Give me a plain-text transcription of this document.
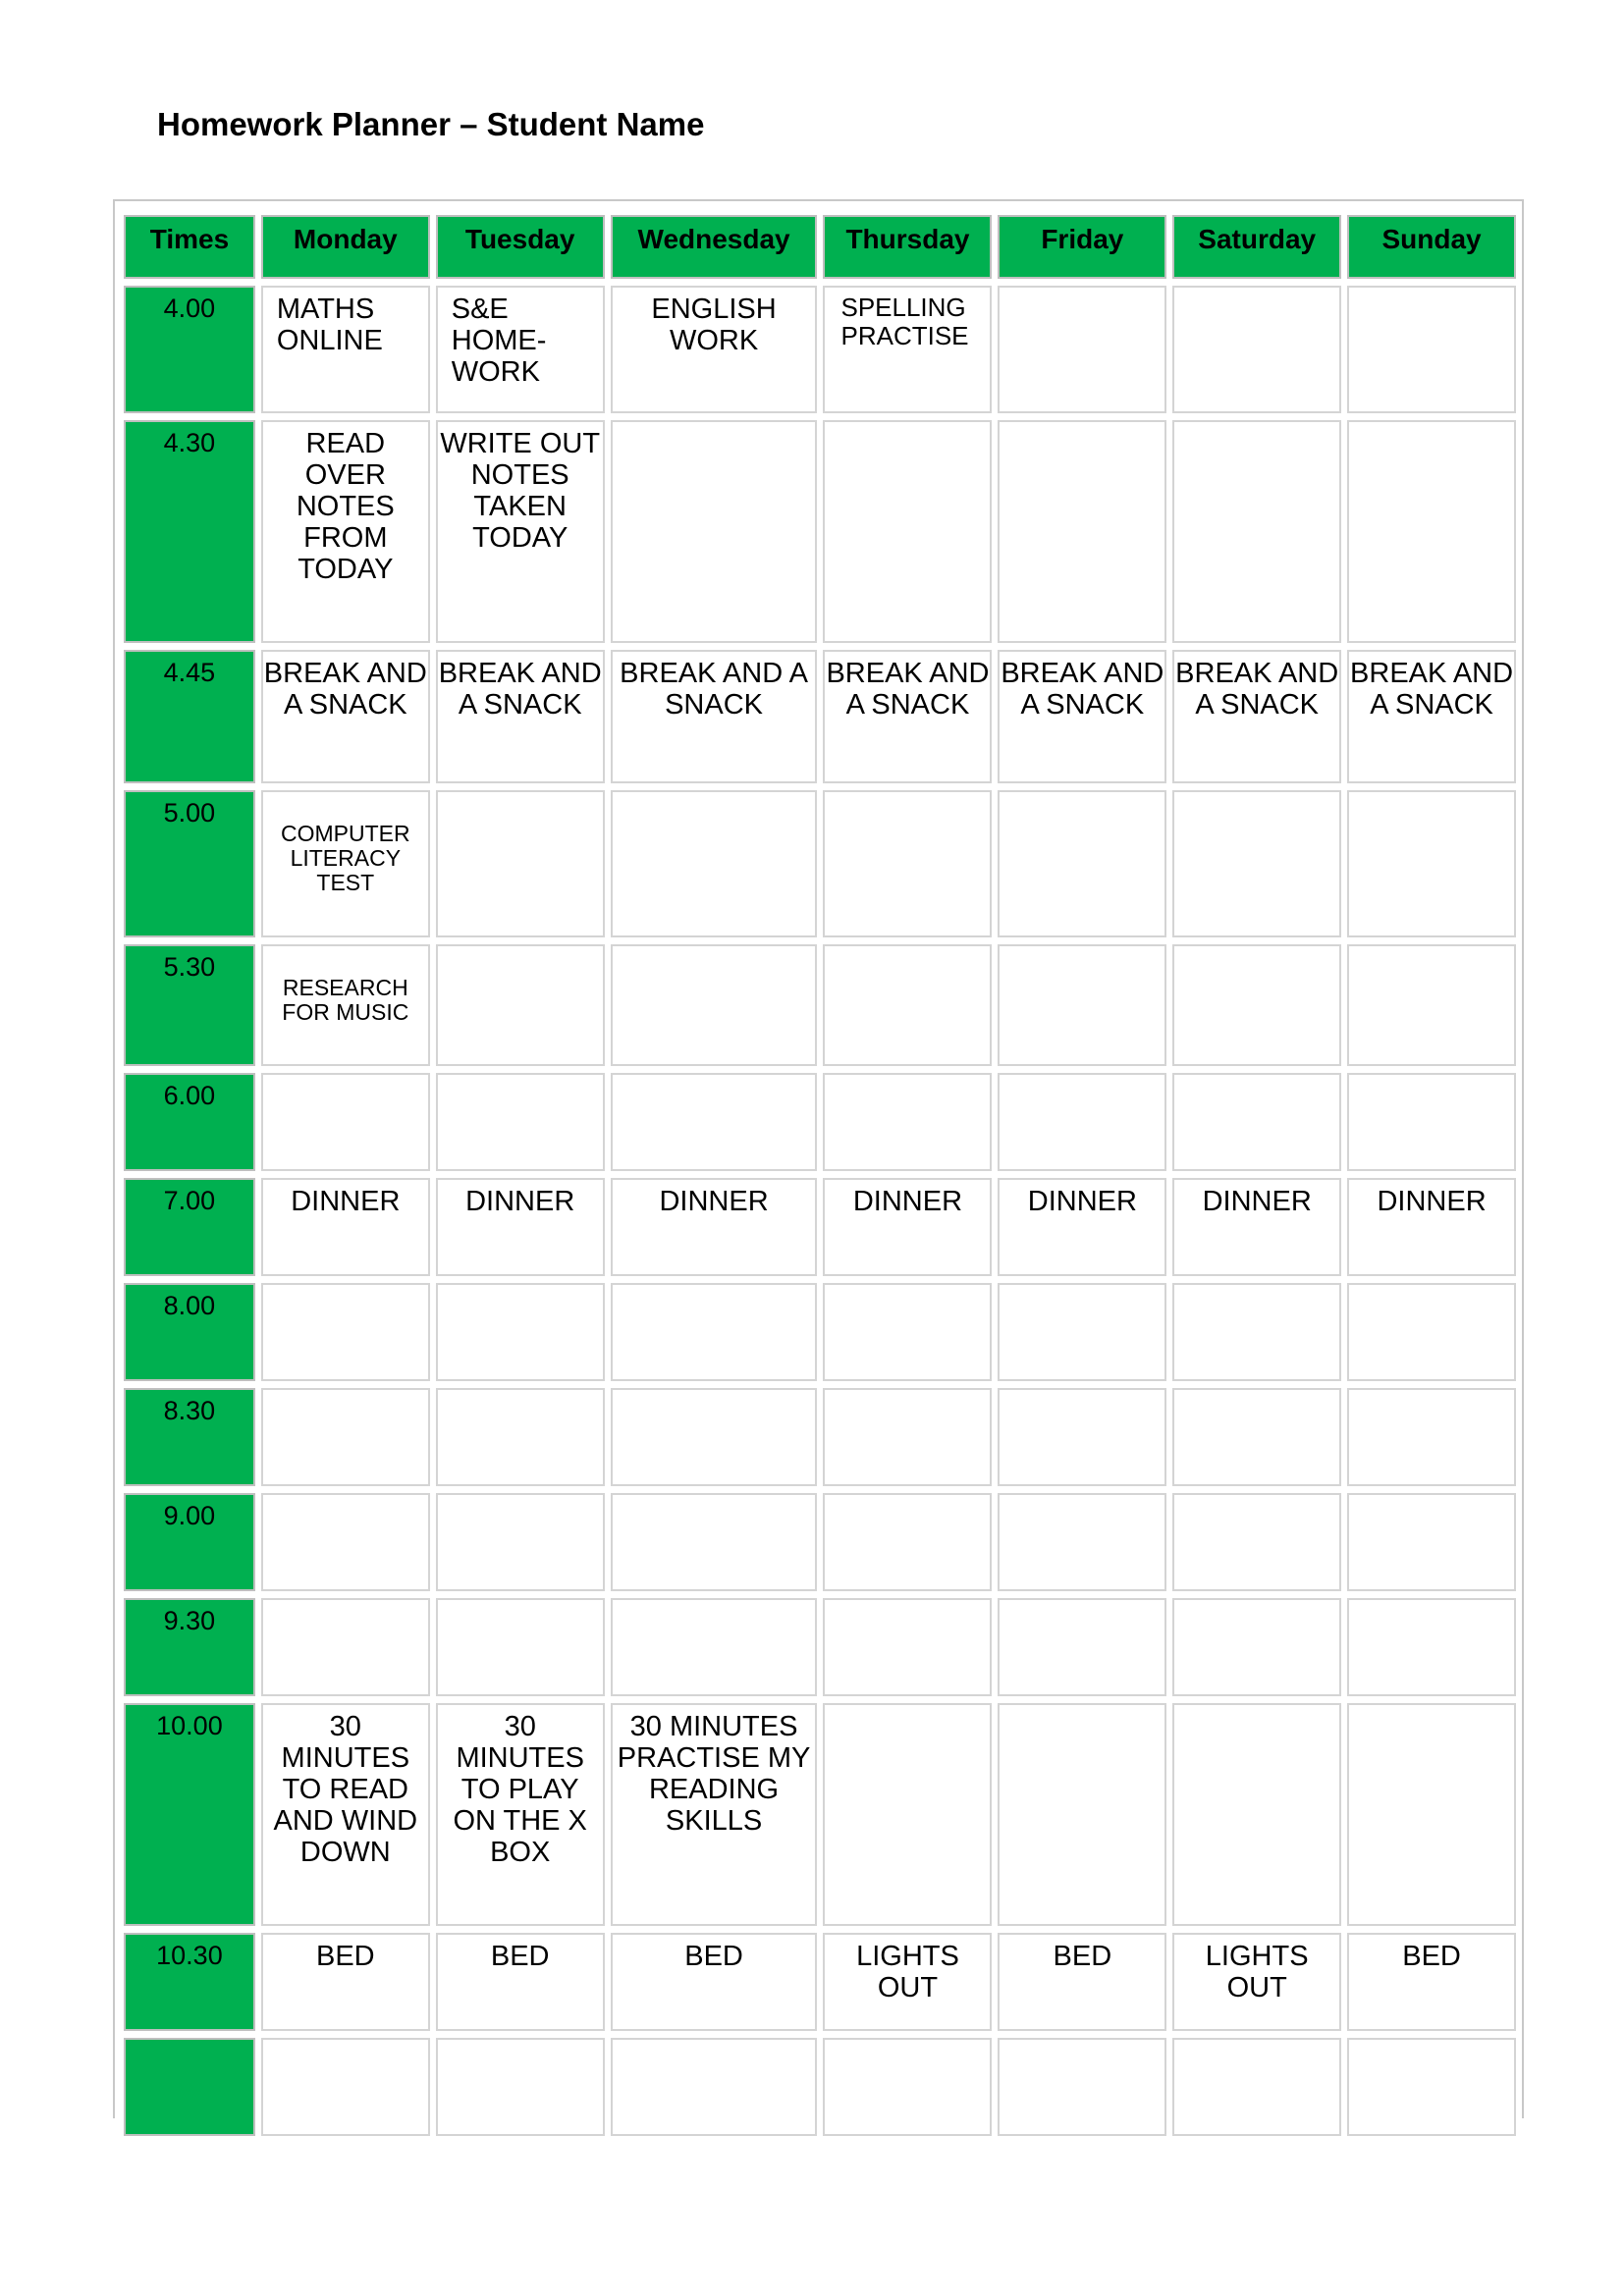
Homework Planner – Student Name
Times	Monday	Tuesday	Wednesday	Thursday	Friday	Saturday	Sunday
4.00	MATHS ONLINE	S&E HOME-WORK	ENGLISH WORK	SPELLING PRACTISE			
4.30	READ OVER NOTES FROM TODAY	WRITE OUT NOTES TAKEN TODAY					
4.45	BREAK AND A SNACK	BREAK AND A SNACK	BREAK AND A SNACK	BREAK AND A SNACK	BREAK AND A SNACK	BREAK AND A SNACK	BREAK AND A SNACK
5.00	COMPUTER LITERACY TEST						
5.30	RESEARCH FOR MUSIC						
6.00							
7.00	DINNER	DINNER	DINNER	DINNER	DINNER	DINNER	DINNER
8.00							
8.30							
9.00							
9.30							
10.00	30 MINUTES TO READ AND WIND DOWN	30 MINUTES TO PLAY ON THE X BOX	30 MINUTES PRACTISE MY READING SKILLS				
10.30	BED	BED	BED	LIGHTS OUT	BED	LIGHTS OUT	BED
